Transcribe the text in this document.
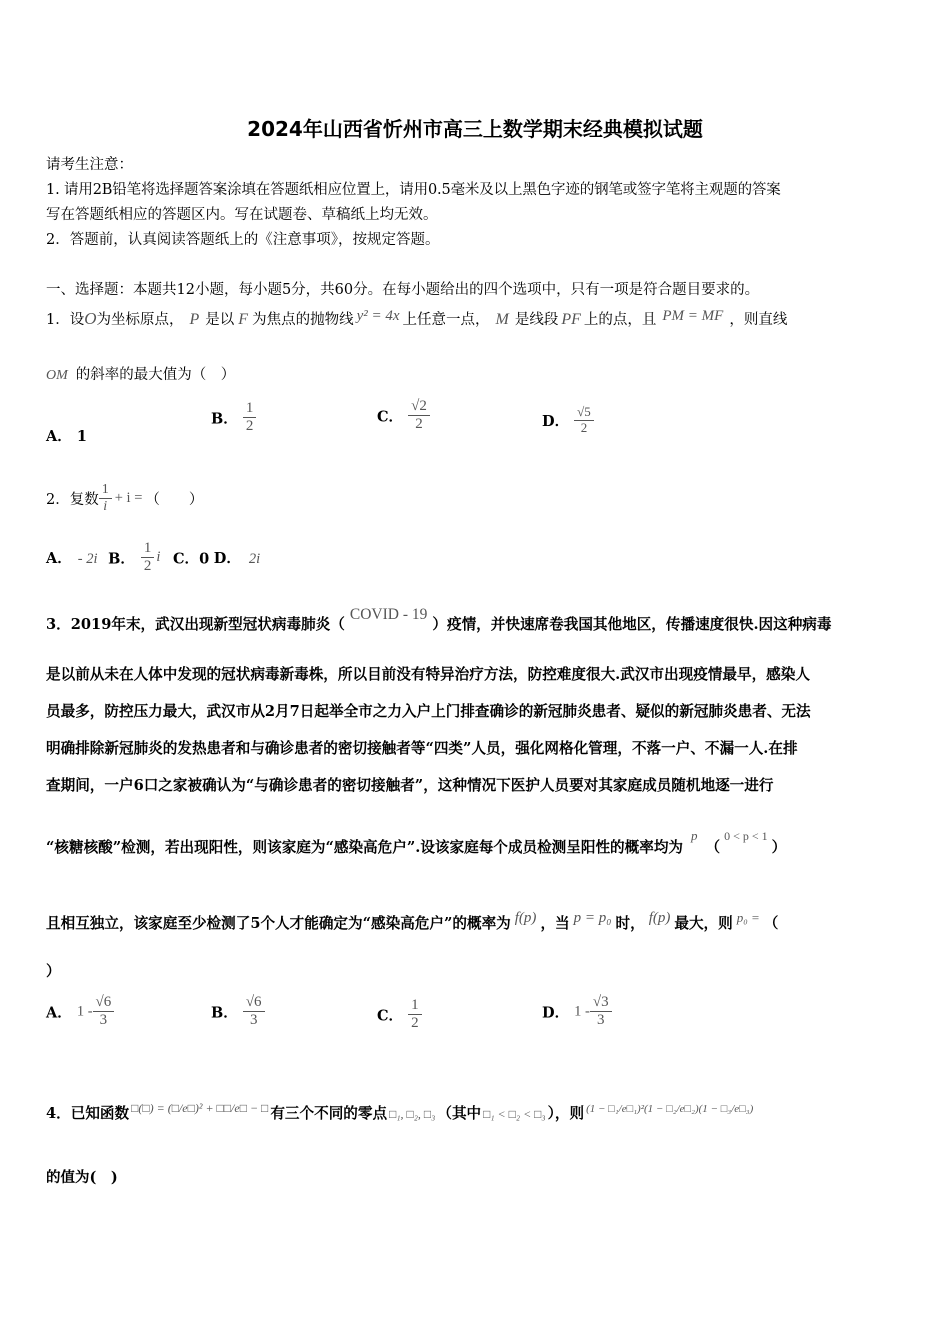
2024年山西省忻州市高三上数学期末经典模拟试题
请考生注意：
1. 请用2B铅笔将选择题答案涂填在答题纸相应位置上，请用0.5毫米及以上黑色字迹的钢笔或签字笔将主观题的答案
写在答题纸相应的答题区内。写在试题卷、草稿纸上均无效。
2．答题前，认真阅读答题纸上的《注意事项》，按规定答题。
一、选择题：本题共12小题，每小题5分，共60分。在每小题给出的四个选项中，只有一项是符合题目要求的。
1．设O为坐标原点， P 是以 F 为焦点的抛物线 y² = 4x 上任意一点， M 是线段 PF 上的点，且 PM = MF ，则直线
OM 的斜率的最大值为（　）
A． 1
B． $\frac{1}{2}$	C． $\frac{√2}{2}$	D． $\frac{√5}{2}$
2．复数 $\frac{1}{i} + i$ = （　　）
A． - 2i B． $\frac{1}{2}$ i C．0 D． 2i
3．2019年末，武汉出现新型冠状病毒肺炎（COVID - 19）疫情，并快速席卷我国其他地区，传播速度很快.因这种病毒
是以前从未在人体中发现的冠状病毒新毒株，所以目前没有特异治疗方法，防控难度很大.武汉市出现疫情最早，感染人
员最多，防控压力最大，武汉市从2月7日起举全市之力入户上门排查确诊的新冠肺炎患者、疑似的新冠肺炎患者、无法
明确排除新冠肺炎的发热患者和与确诊患者的密切接触者等“四类”人员，强化网格化管理，不落一户、不漏一人.在排
查期间，一户6口之家被确认为“与确诊患者的密切接触者”，这种情况下医护人员要对其家庭成员随机地逐一进行
“核糖核酸”检测，若出现阳性，则该家庭为“感染高危户”.设该家庭每个成员检测呈阳性的概率均为p（$^{0 < p < 1}$）
且相互独立，该家庭至少检测了5个人才能确定为“感染高危户”的概率为 f(p) ，当 p = p₀ 时， f(p) 最大，则 p₀ = （
）
A． $1 - \frac{√6}{3}$	B． $\frac{√6}{3}$	C． $\frac{1}{2}$	D． $1 - \frac{√3}{3}$
4．已知函数 $^{□(□) = (□/e□)^2 + □□/e□ - □}$ 有三个不同的零点 □₁, □₂, □₃ （其中 □₁ < □₂ < □₃ ），则 $^{(1 - □_1/e□_1)^2(1 - □_2/e□_2)(1 - □_3/e□_3)}$
的值为(　)
